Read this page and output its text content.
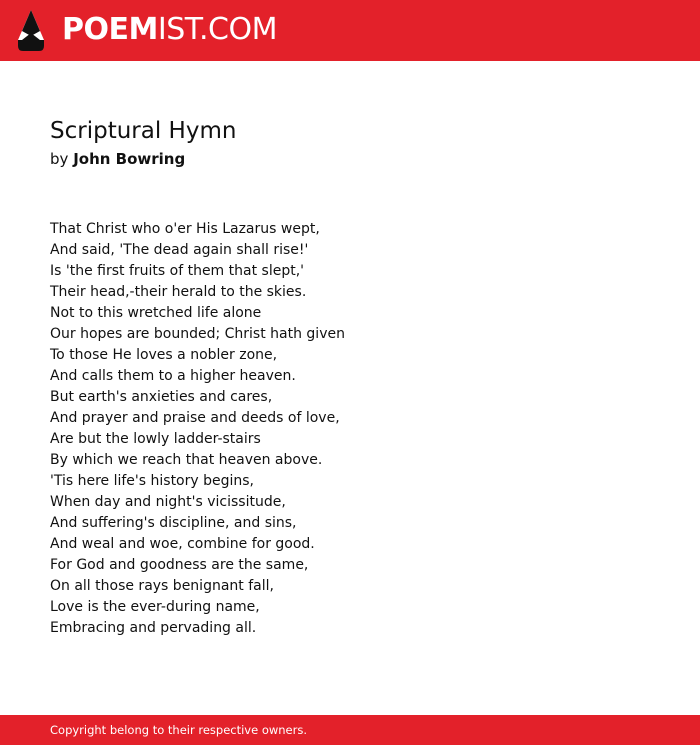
POEMIST.COM
Scriptural Hymn
by John Bowring
That Christ who o'er His Lazarus wept,
And said, 'The dead again shall rise!'
Is 'the first fruits of them that slept,'
Their head,-their herald to the skies.
Not to this wretched life alone
Our hopes are bounded; Christ hath given
To those He loves a nobler zone,
And calls them to a higher heaven.
But earth's anxieties and cares,
And prayer and praise and deeds of love,
Are but the lowly ladder-stairs
By which we reach that heaven above.
'Tis here life's history begins,
When day and night's vicissitude,
And suffering's discipline, and sins,
And weal and woe, combine for good.
For God and goodness are the same,
On all those rays benignant fall,
Love is the ever-during name,
Embracing and pervading all.
Copyright belong to their respective owners.
